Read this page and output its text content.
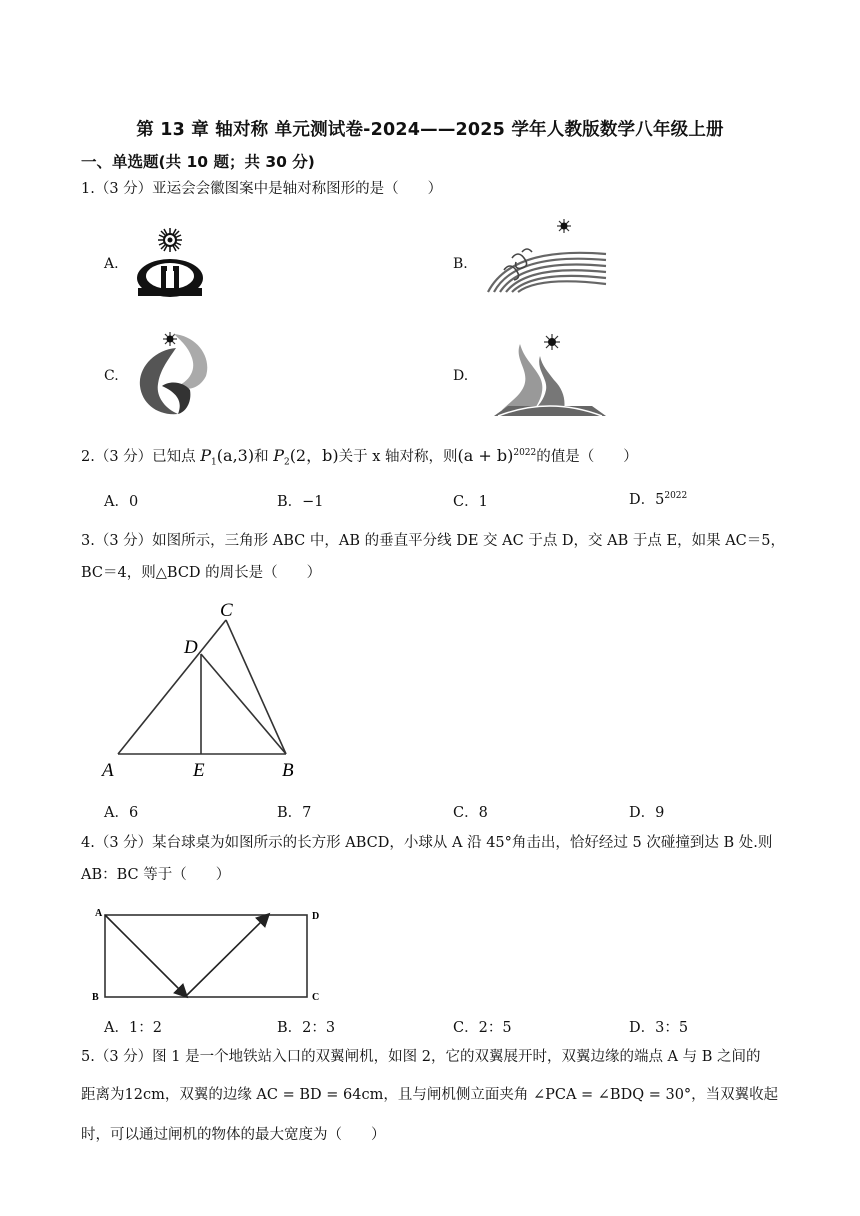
第 13 章 轴对称 单元测试卷-2024——2025 学年人教版数学八年级上册
一、单选题(共 10 题；共 30 分)
1.（3 分）亚运会会徽图案中是轴对称图形的是（　　）
A.	B.
C.	D.
2.（3 分）已知点 $P_1(a,3)$和 $P_2(2$，b)关于 x 轴对称，则$(a + b)^{2022}$的值是（　　）
A．0	B．−1	C．1	D．$5^{2022}$
3.（3 分）如图所示，三角形 ABC 中，AB 的垂直平分线 DE 交 AC 于点 D，交 AB 于点 E，如果 AC＝5，
BC＝4，则△BCD 的周长是（　　）
C
D
A	E	B
A．6	B．7	C．8	D．9
4.（3 分）某台球桌为如图所示的长方形 ABCD，小球从 A 沿 45°角击出，恰好经过 5 次碰撞到达 B 处.则
AB：BC 等于（　　）
A	D
B	C
A．1：2	B．2：3	C．2：5	D．3：5
5.（3 分）图 1 是一个地铁站入口的双翼闸机，如图 2，它的双翼展开时，双翼边缘的端点 A 与 B 之间的
距离为12cm，双翼的边缘 AC = BD = 64cm，且与闸机侧立面夹角 ∠PCA = ∠BDQ = 30°，当双翼收起
时，可以通过闸机的物体的最大宽度为（　　）
